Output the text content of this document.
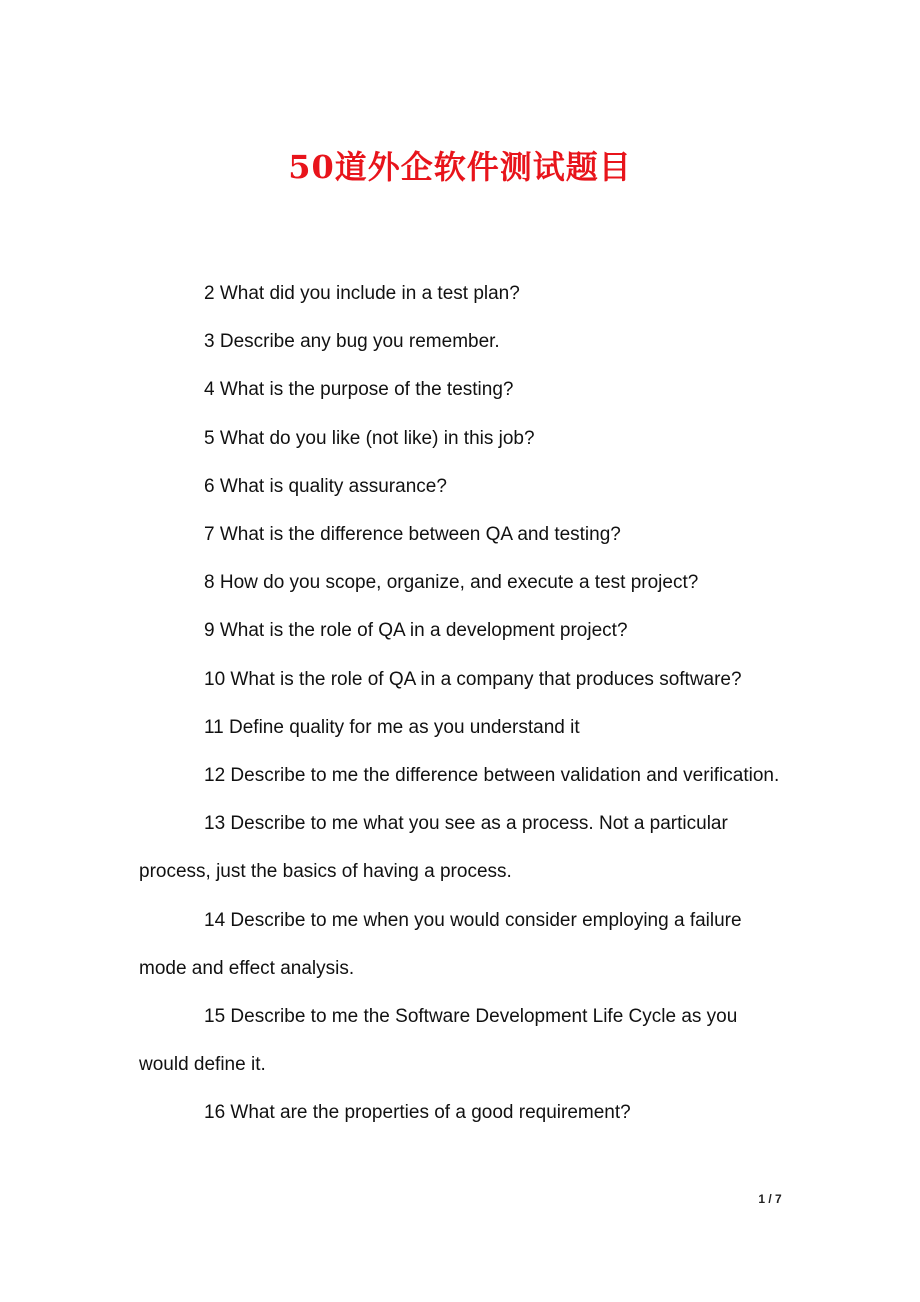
50道外企软件测试题目

2 What did you include in a test plan?

3 Describe any bug you remember.

4 What is the purpose of the testing?

5 What do you like (not like) in this job?

6 What is quality assurance?

7 What is the difference between QA and testing?

8 How do you scope, organize, and execute a test project?

9 What is the role of QA in a development project?

10 What is the role of QA in a company that produces software?

11 Define quality for me as you understand it

12 Describe to me the difference between validation and verification.

13 Describe to me what you see as a process. Not a particular process, just the basics of having a process.

14 Describe to me when you would consider employing a failure mode and effect analysis.

15 Describe to me the Software Development Life Cycle as you would define it.

16 What are the properties of a good requirement?

1 / 7
